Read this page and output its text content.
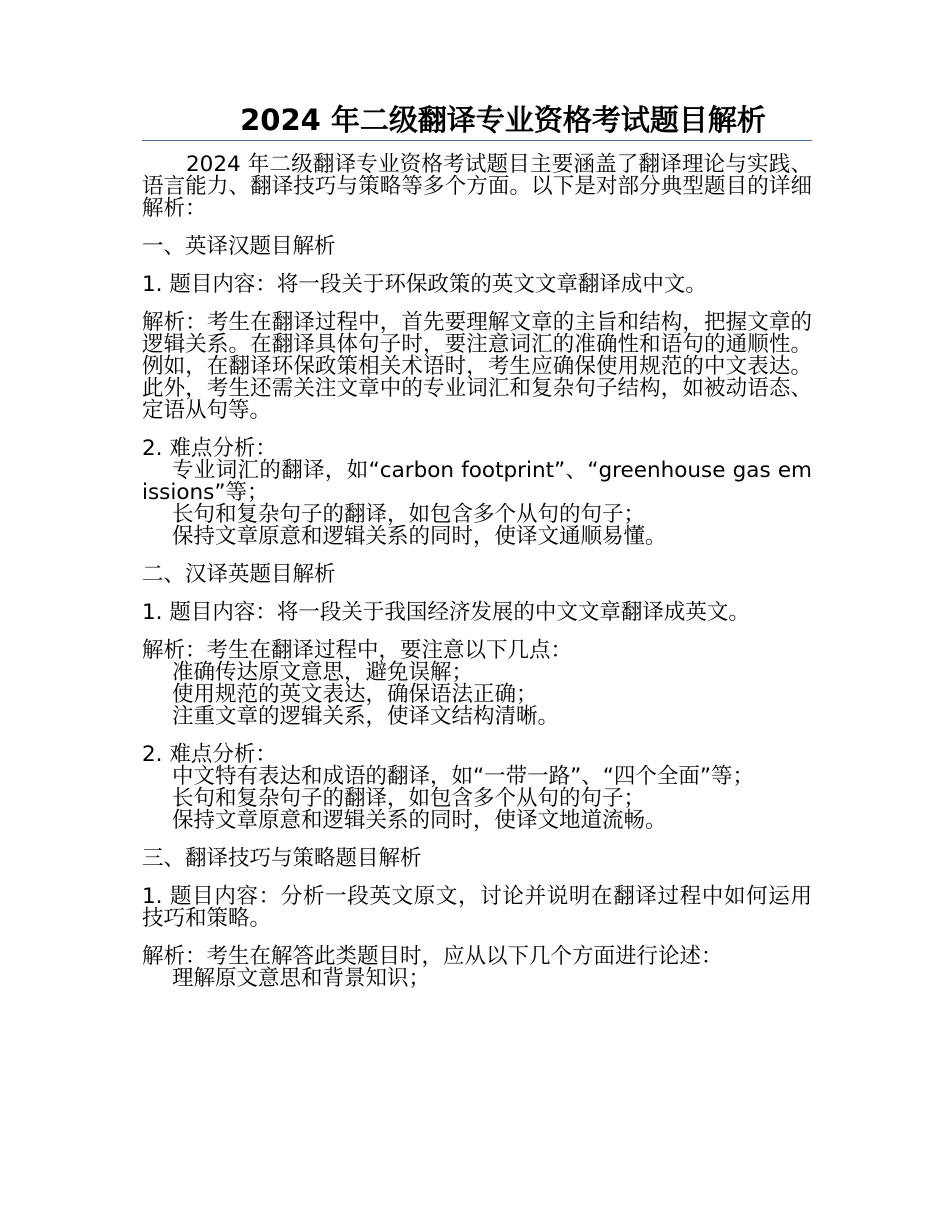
2024 年二级翻译专业资格考试题目解析

2024 年二级翻译专业资格考试题目主要涵盖了翻译理论与实践、语言能力、翻译技巧与策略等多个方面。以下是对部分典型题目的详细解析：

一、英译汉题目解析

1. 题目内容：将一段关于环保政策的英文文章翻译成中文。

解析：考生在翻译过程中，首先要理解文章的主旨和结构，把握文章的逻辑关系。在翻译具体句子时，要注意词汇的准确性和语句的通顺性。例如，在翻译环保政策相关术语时，考生应确保使用规范的中文表达。此外，考生还需关注文章中的专业词汇和复杂句子结构，如被动语态、定语从句等。

2. 难点分析：

专业词汇的翻译，如“carbon footprint”、“greenhouse gas emissions”等；

长句和复杂句子的翻译，如包含多个从句的句子；

保持文章原意和逻辑关系的同时，使译文通顺易懂。

二、汉译英题目解析

1. 题目内容：将一段关于我国经济发展的中文文章翻译成英文。

解析：考生在翻译过程中，要注意以下几点：

准确传达原文意思，避免误解；

使用规范的英文表达，确保语法正确；

注重文章的逻辑关系，使译文结构清晰。

2. 难点分析：

中文特有表达和成语的翻译，如“一带一路”、“四个全面”等；

长句和复杂句子的翻译，如包含多个从句的句子；

保持文章原意和逻辑关系的同时，使译文地道流畅。

三、翻译技巧与策略题目解析

1. 题目内容：分析一段英文原文，讨论并说明在翻译过程中如何运用技巧和策略。

解析：考生在解答此类题目时，应从以下几个方面进行论述：

理解原文意思和背景知识；
